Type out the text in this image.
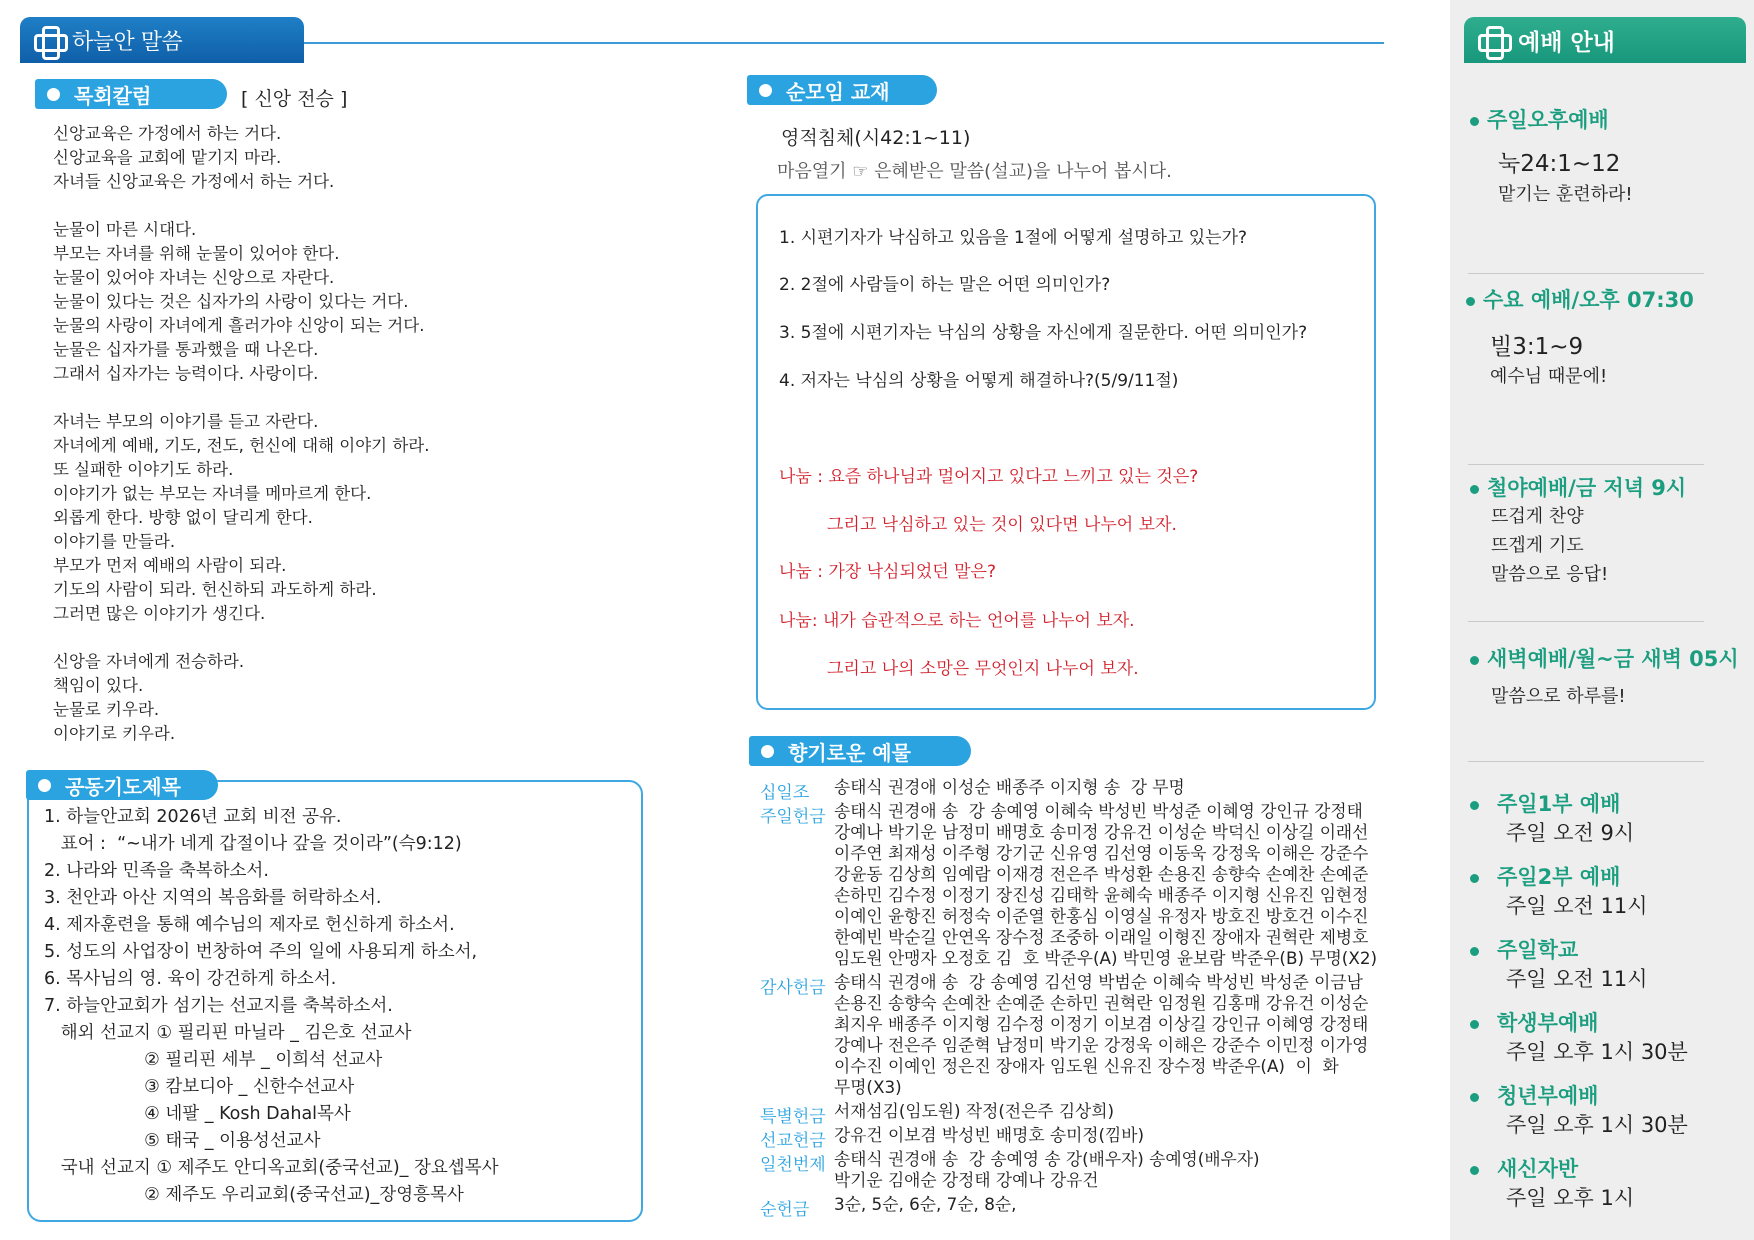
하늘안 말씀	예배 안내
주일오후예배
눅24:1~12
맡기는 훈련하라!
수요 예배/오후 07:30
빌3:1~9
예수님 때문에!
철야예배/금 저녁 9시
뜨겁게 찬양
뜨겝게 기도
말씀으로 응답!
새벽예배/월~금 새벽 05시
말씀으로 하루를!
주일1부 예배
주일 오전 9시
주일2부 예배
주일 오전 11시
주일학교
주일 오전 11시
학생부예배
주일 오후 1시 30분
청년부예배
주일 오후 1시 30분
새신자반
주일 오후 1시
목회칼럼	[ 신앙 전승 ]
신앙교육은 가정에서 하는 거다.
신앙교육을 교회에 맡기지 마라.
자녀들 신앙교육은 가정에서 하는 거다.
눈물이 마른 시대다.
부모는 자녀를 위해 눈물이 있어야 한다.
눈물이 있어야 자녀는 신앙으로 자란다.
눈물이 있다는 것은 십자가의 사랑이 있다는 거다.
눈물의 사랑이 자녀에게 흘러가야 신앙이 되는 거다.
눈물은 십자가를 통과했을 때 나온다.
그래서 십자가는 능력이다. 사랑이다.
자녀는 부모의 이야기를 듣고 자란다.
자녀에게 예배, 기도, 전도, 헌신에 대해 이야기 하라.
또 실패한 이야기도 하라.
이야기가 없는 부모는 자녀를 메마르게 한다.
외롭게 한다. 방향 없이 달리게 한다.
이야기를 만들라.
부모가 먼저 예배의 사람이 되라.
기도의 사람이 되라. 헌신하되 과도하게 하라.
그러면 많은 이야기가 생긴다.
신앙을 자녀에게 전승하라.
책임이 있다.
눈물로 키우라.
이야기로 키우라.
공동기도제목
1. 하늘안교회 2026년 교회 비전 공유.
표어 :  “~내가 네게 갑절이나 갚을 것이라”(슥9:12)
2. 나라와 민족을 축복하소서.
3. 천안과 아산 지역의 복음화를 허락하소서.
4. 제자훈련을 통해 예수님의 제자로 헌신하게 하소서.
5. 성도의 사업장이 번창하여 주의 일에 사용되게 하소서,
6. 목사님의 영. 육이 강건하게 하소서.
7. 하늘안교회가 섬기는 선교지를 축복하소서.
해외 선교지 ① 필리핀 마닐라 _ 김은호 선교사
② 필리핀 세부 _ 이희석 선교사
③ 캄보디아 _ 신한수선교사
④ 네팔 _ Kosh Dahal목사
⑤ 태국 _ 이용성선교사
국내 선교지 ① 제주도 안디옥교회(중국선교)_ 장요셉목사
② 제주도 우리교회(중국선교)_장영흥목사
순모임 교재
영적침체(시42:1~11)
마음열기 ☞ 은혜받은 말씀(설교)을 나누어 봅시다.
1. 시편기자가 낙심하고 있음을 1절에 어떻게 설명하고 있는가?
2. 2절에 사람들이 하는 말은 어떤 의미인가?
3. 5절에 시편기자는 낙심의 상황을 자신에게 질문한다. 어떤 의미인가?
4. 저자는 낙심의 상황을 어떻게 해결하나?(5/9/11절)
나눔 : 요즘 하나님과 멀어지고 있다고 느끼고 있는 것은?
그리고 낙심하고 있는 것이 있다면 나누어 보자.
나눔 : 가장 낙심되었던 말은?
나눔: 내가 습관적으로 하는 언어를 나누어 보자.
그리고 나의 소망은 무엇인지 나누어 보자.
향기로운 예물
십일조 송태식 권경애 이성순 배종주 이지형 송  강 무명
주일헌금 송태식 권경애 송  강 송예영 이혜숙 박성빈 박성준 이혜영 강인규 강정태
강예나 박기운 남정미 배명호 송미정 강유건 이성순 박덕신 이상길 이래선
이주연 최재성 이주형 강기군 신유영 김선영 이동욱 강정욱 이해은 강준수
강윤동 김상희 임예람 이재경 전은주 박성환 손용진 송향숙 손예찬 손예준
손하민 김수정 이정기 장진성 김태학 윤혜숙 배종주 이지형 신유진 임현정
이예인 윤항진 허정숙 이준열 한홍심 이영실 유정자 방호진 방호건 이수진
한예빈 박순길 안연옥 장수정 조중하 이래일 이형진 장애자 권혁란 제병호
임도원 안맹자 오정호 김  호 박준우(A) 박민영 윤보람 박준우(B) 무명(X2)
감사헌금 송태식 권경애 송  강 송예영 김선영 박범순 이혜숙 박성빈 박성준 이금남
손용진 송향숙 손예찬 손예준 손하민 권혁란 임정원 김홍매 강유건 이성순
최지우 배종주 이지형 김수정 이정기 이보겸 이상길 강인규 이혜영 강정태
강예나 전은주 임준혁 남정미 박기운 강정욱 이해은 강준수 이민정 이가영
이수진 이예인 정은진 장애자 임도원 신유진 장수정 박준우(A)  이  화
무명(X3)
특별헌금 서재섬김(임도원) 작정(전은주 김상희)
선교헌금 강유건 이보겸 박성빈 배명호 송미정(낌바)
일천번제 송태식 권경애 송  강 송예영 송 강(배우자) 송예영(배우자)
박기운 김애순 강정태 강예나 강유건
순헌금 3순, 5순, 6순, 7순, 8순,
